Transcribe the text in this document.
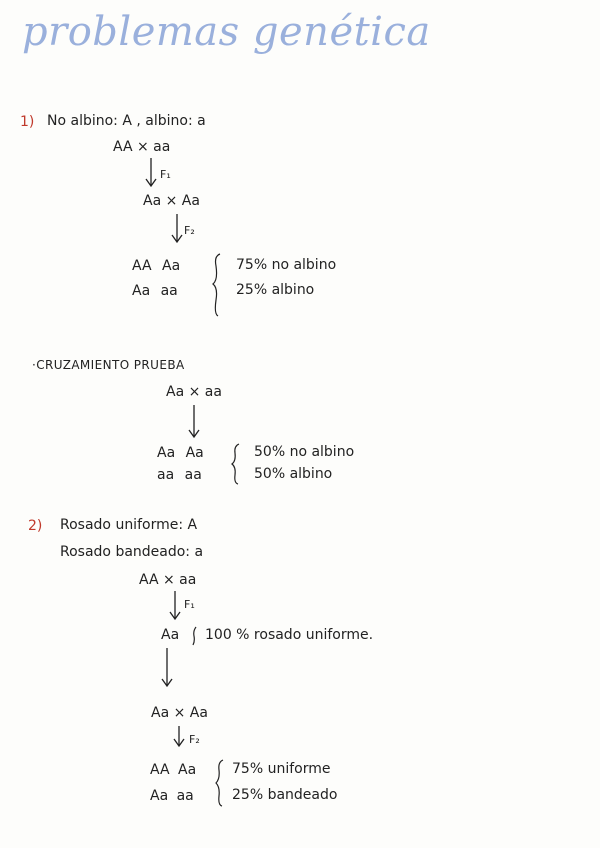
problemas genética
1) No albino: A , albino: a
AA × aa
F₁
Aa × Aa
F₂
AA Aa
Aa aa
75% no albino
25% albino
·CRUZAMIENTO PRUEBA
Aa × aa
Aa Aa
aa aa
50% no albino
50% albino
2) Rosado uniforme: A
Rosado bandeado: a
AA × aa
F₁
Aa 100 % rosado uniforme.
Aa × Aa
F₂
AA Aa
Aa aa
75% uniforme
25% bandeado
